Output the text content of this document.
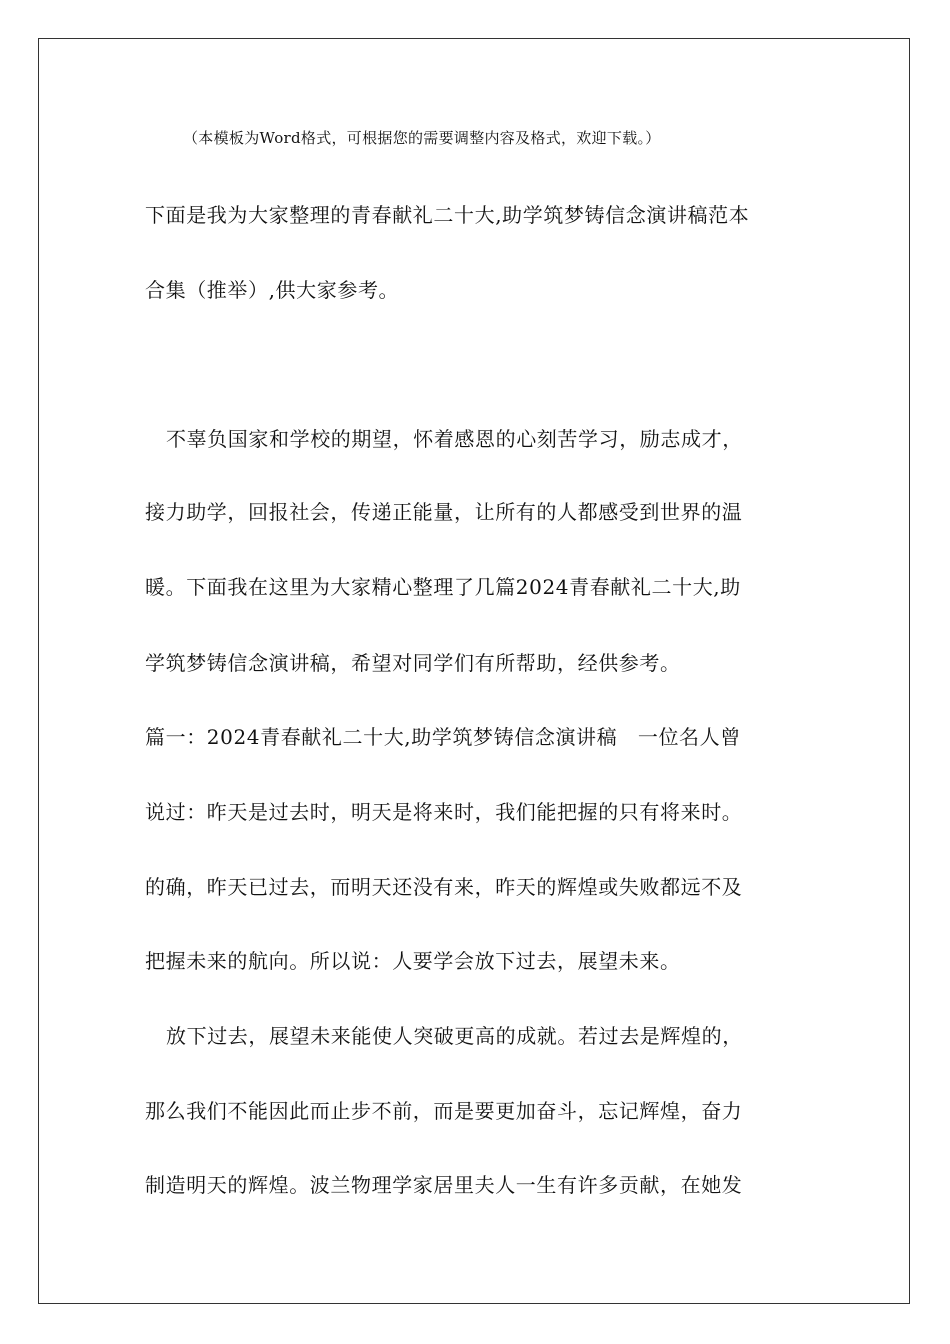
（本模板为Word格式，可根据您的需要调整内容及格式，欢迎下载。）
下面是我为大家整理的青春献礼二十大,助学筑梦铸信念演讲稿范本
合集（推举）,供大家参考。
不辜负国家和学校的期望，怀着感恩的心刻苦学习，励志成才，
接力助学，回报社会，传递正能量，让所有的人都感受到世界的温
暖。下面我在这里为大家精心整理了几篇2024青春献礼二十大,助
学筑梦铸信念演讲稿，希望对同学们有所帮助，经供参考。
篇一：2024青春献礼二十大,助学筑梦铸信念演讲稿　一位名人曾
说过：昨天是过去时，明天是将来时，我们能把握的只有将来时。
的确，昨天已过去，而明天还没有来，昨天的辉煌或失败都远不及
把握未来的航向。所以说：人要学会放下过去，展望未来。
放下过去，展望未来能使人突破更高的成就。若过去是辉煌的，
那么我们不能因此而止步不前，而是要更加奋斗，忘记辉煌，奋力
制造明天的辉煌。波兰物理学家居里夫人一生有许多贡献，在她发
